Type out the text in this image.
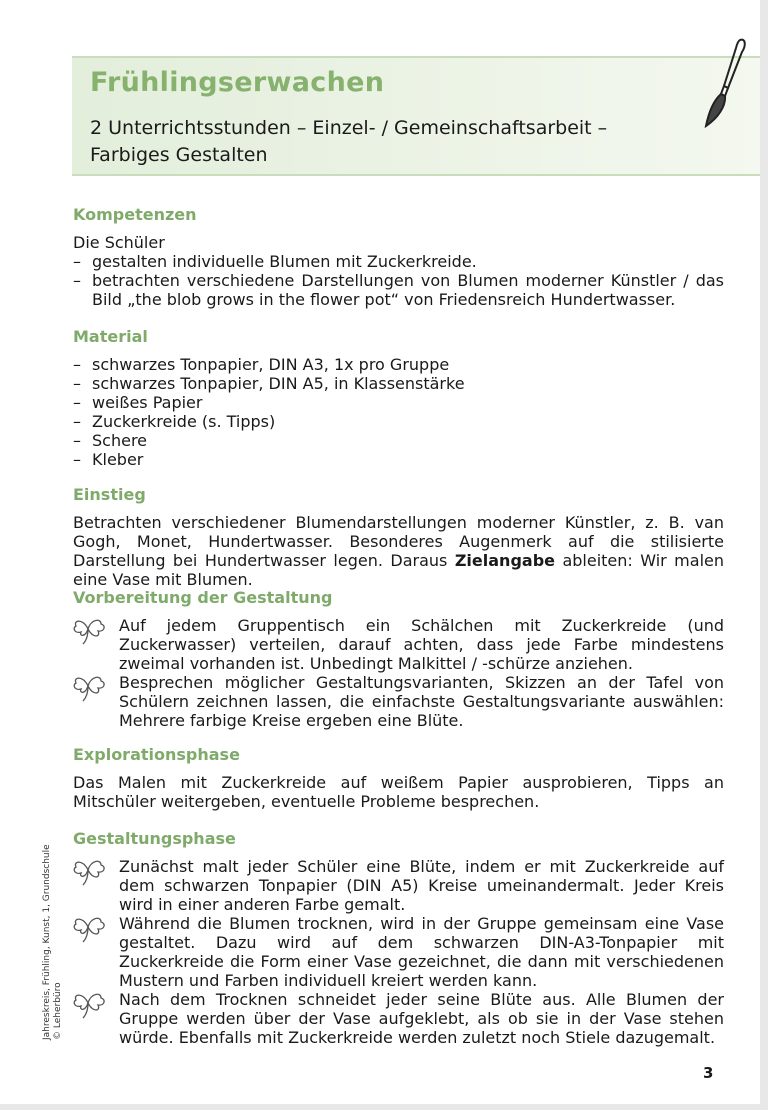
Frühlingserwachen
2 Unterrichtsstunden – Einzel- / Gemeinschaftsarbeit – Farbiges Gestalten
Kompetenzen

Die Schüler

– gestalten individuelle Blumen mit Zuckerkreide.
– betrachten verschiedene Darstellungen von Blumen moderner Künstler / das Bild „the blob grows in the flower pot“ von Friedensreich Hundertwasser.
Material
– schwarzes Tonpapier, DIN A3, 1x pro Gruppe
– schwarzes Tonpapier, DIN A5, in Klassenstärke
– weißes Papier
– Zuckerkreide (s. Tipps)
– Schere
– Kleber
Einstieg

Betrachten verschiedener Blumendarstellungen moderner Künstler, z. B. van Gogh, Monet, Hundertwasser. Besonderes Augenmerk auf die stilisierte Darstellung bei Hundertwasser legen. Daraus Zielangabe ableiten: Wir malen eine Vase mit Blumen.

Vorbereitung der Gestaltung
Auf jedem Gruppentisch ein Schälchen mit Zuckerkreide (und Zuckerwasser) verteilen, darauf achten, dass jede Farbe mindestens zweimal vorhanden ist. Unbedingt Malkittel / -schürze anziehen.
Besprechen möglicher Gestaltungsvarianten, Skizzen an der Tafel von Schülern zeichnen lassen, die einfachste Gestaltungsvariante auswählen: Mehrere farbige Kreise ergeben eine Blüte.
Explorationsphase

Das Malen mit Zuckerkreide auf weißem Papier ausprobieren, Tipps an Mitschüler weitergeben, eventuelle Probleme besprechen.

Gestaltungsphase
Zunächst malt jeder Schüler eine Blüte, indem er mit Zuckerkreide auf dem schwarzen Tonpapier (DIN A5) Kreise umeinandermalt. Jeder Kreis wird in einer anderen Farbe gemalt.
Während die Blumen trocknen, wird in der Gruppe gemeinsam eine Vase gestaltet. Dazu wird auf dem schwarzen DIN-A3-Tonpapier mit Zuckerkreide die Form einer Vase gezeichnet, die dann mit verschiedenen Mustern und Farben individuell kreiert werden kann.
Nach dem Trocknen schneidet jeder seine Blüte aus. Alle Blumen der Gruppe werden über der Vase aufgeklebt, als ob sie in der Vase stehen würde. Ebenfalls mit Zuckerkreide werden zuletzt noch Stiele dazugemalt.
Jahreskreis, Frühling, Kunst, 1, Grundschule © Leherbüro
3
